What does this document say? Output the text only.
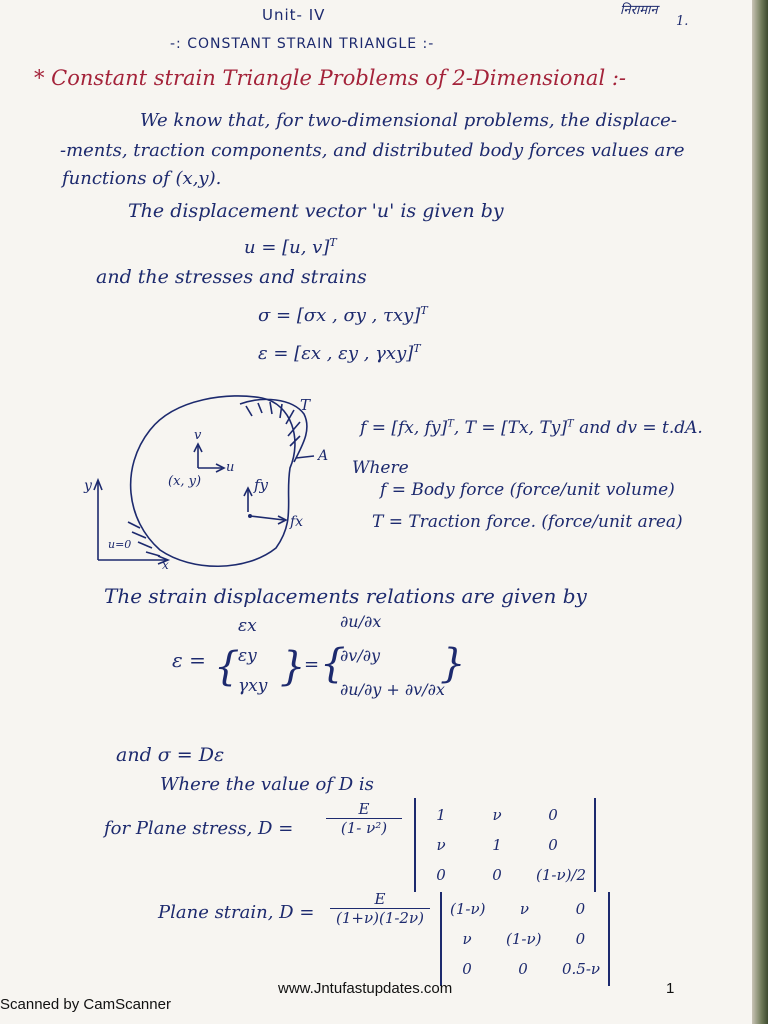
Unit- IV	निरामान
1.
-: CONSTANT STRAIN TRIANGLE :-
* Constant strain Triangle Problems of 2-Dimensional :-
We know that, for two-dimensional problems, the displace-
-ments, traction components, and distributed body forces values are
functions of (x,y).
The displacement vector 'u' is given by
u = [u, v]$^T$
and the stresses and strains
σ = [σx , σy , τxy]$^T$
ε = [εx , εy , γxy]$^T$
T
A
v
u
(x, y)	fy
fx
y
x
u=0
f = [fx, fy]$^T$, T = [Tx, Ty]$^T$ and dv = t.dA.
Where
f = Body force (force/unit volume)
T = Traction force. (force/unit area)
The strain displacements relations are given by
ε = {
εx
εy
γxy }
= {
∂u/∂x
∂v/∂y
∂u/∂y + ∂v/∂x
}
and σ = Dε
Where the value of D is
for Plane stress, $D = \frac{E}{\text{(1- ν²)}}$	1	ν	0
ν	1	0
0	0	(1-ν)/2
Plane strain, $D = \frac{E}{(1+\nu)(1-2\nu)} (1-\nu)$	ν	0
ν	(1-ν)	0
0	0	0.5-ν
Scanned by CamScanner
www.Jntufastupdates.com	1
